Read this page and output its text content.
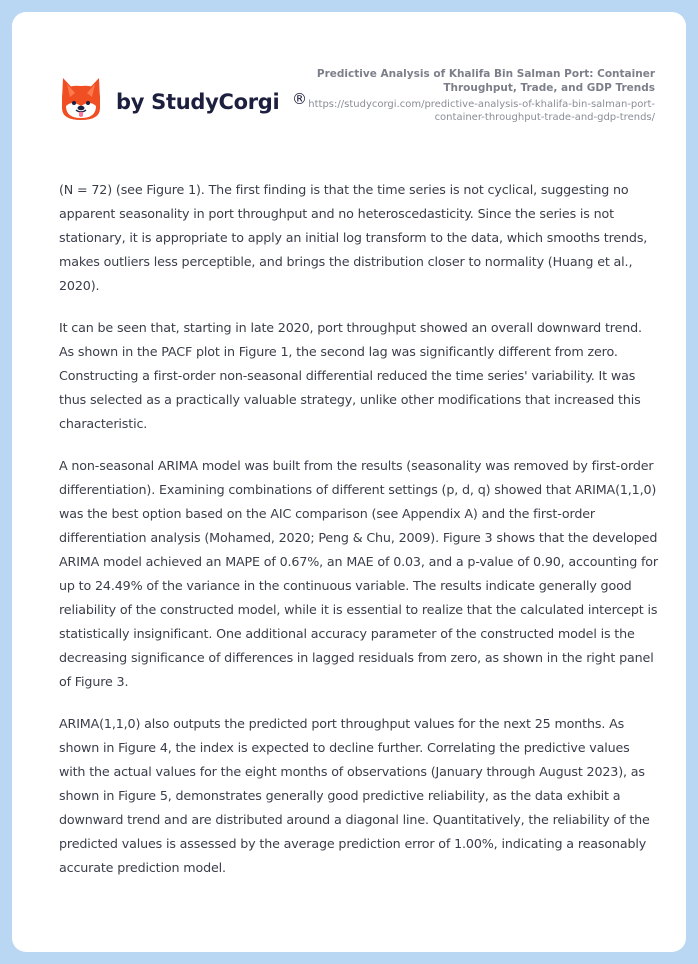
by StudyCorgi ®
Predictive Analysis of Khalifa Bin Salman Port: Container Throughput, Trade, and GDP Trends
https://studycorgi.com/predictive-analysis-of-khalifa-bin-salman-port-container-throughput-trade-and-gdp-trends/

(N = 72) (see Figure 1). The first finding is that the time series is not cyclical, suggesting no apparent seasonality in port throughput and no heteroscedasticity. Since the series is not stationary, it is appropriate to apply an initial log transform to the data, which smooths trends, makes outliers less perceptible, and brings the distribution closer to normality (Huang et al., 2020).

It can be seen that, starting in late 2020, port throughput showed an overall downward trend. As shown in the PACF plot in Figure 1, the second lag was significantly different from zero. Constructing a first-order non-seasonal differential reduced the time series' variability. It was thus selected as a practically valuable strategy, unlike other modifications that increased this characteristic.

A non-seasonal ARIMA model was built from the results (seasonality was removed by first-order differentiation). Examining combinations of different settings (p, d, q) showed that ARIMA(1,1,0) was the best option based on the AIC comparison (see Appendix A) and the first-order differentiation analysis (Mohamed, 2020; Peng & Chu, 2009). Figure 3 shows that the developed ARIMA model achieved an MAPE of 0.67%, an MAE of 0.03, and a p-value of 0.90, accounting for up to 24.49% of the variance in the continuous variable. The results indicate generally good reliability of the constructed model, while it is essential to realize that the calculated intercept is statistically insignificant. One additional accuracy parameter of the constructed model is the decreasing significance of differences in lagged residuals from zero, as shown in the right panel of Figure 3.

ARIMA(1,1,0) also outputs the predicted port throughput values for the next 25 months. As shown in Figure 4, the index is expected to decline further. Correlating the predictive values with the actual values for the eight months of observations (January through August 2023), as shown in Figure 5, demonstrates generally good predictive reliability, as the data exhibit a downward trend and are distributed around a diagonal line. Quantitatively, the reliability of the predicted values is assessed by the average prediction error of 1.00%, indicating a reasonably accurate prediction model.
